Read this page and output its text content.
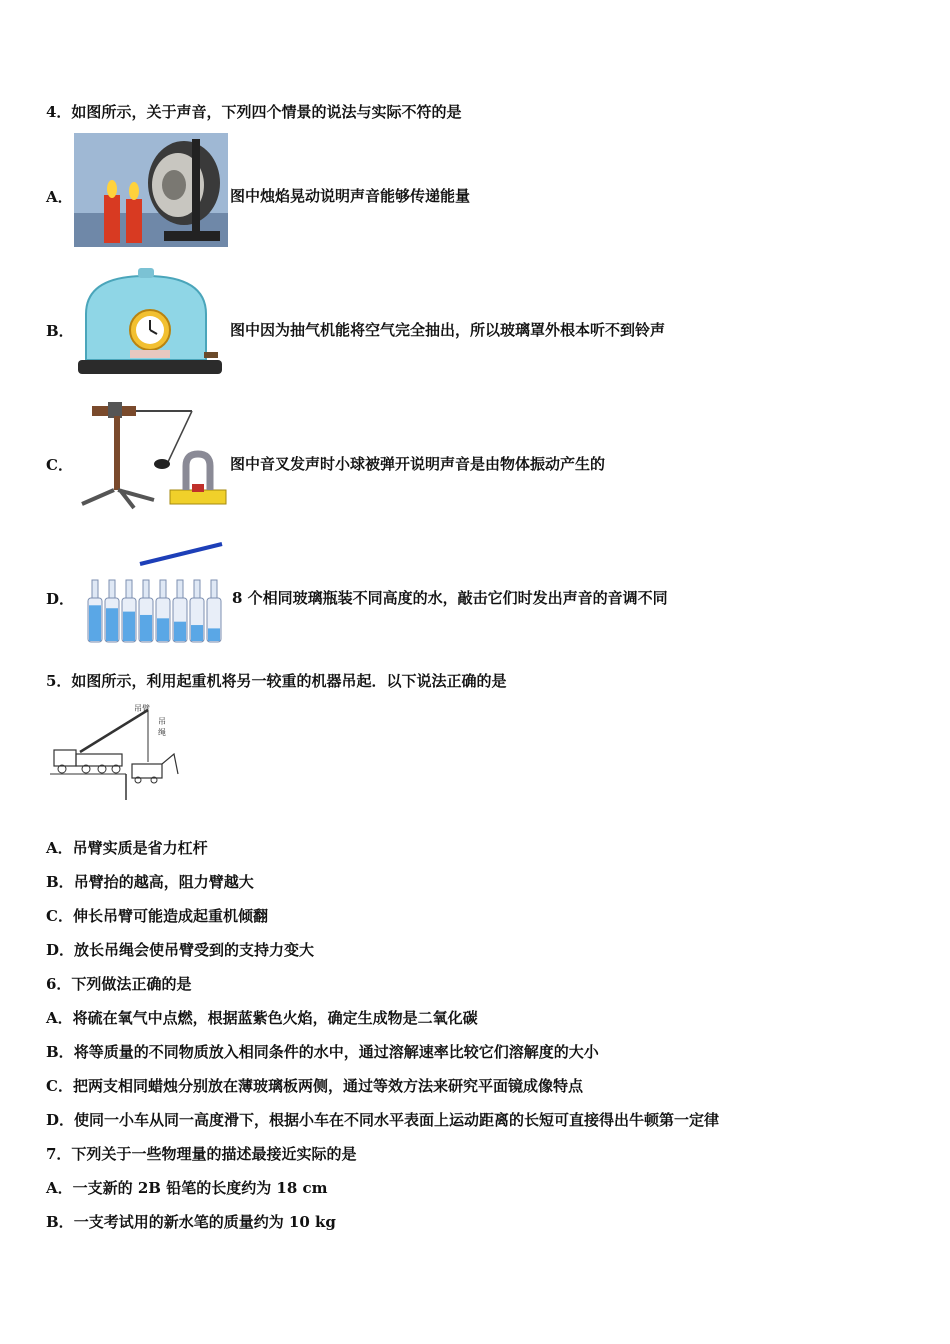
4．如图所示，关于声音，下列四个情景的说法与实际不符的是
A．	图中烛焰晃动说明声音能够传递能量
B．	图中因为抽气机能将空气完全抽出，所以玻璃罩外根本听不到铃声
C．	图中音叉发声时小球被弹开说明声音是由物体振动产生的
D．	8 个相同玻璃瓶装不同高度的水，敲击它们时发出声音的音调不同
5．如图所示，利用起重机将另一较重的机器吊起．以下说法正确的是
吊臂
吊
绳
A．吊臂实质是省力杠杆
B．吊臂抬的越高，阻力臂越大
C．伸长吊臂可能造成起重机倾翻
D．放长吊绳会使吊臂受到的支持力变大
6．下列做法正确的是
A．将硫在氧气中点燃，根据蓝紫色火焰，确定生成物是二氧化碳
B．将等质量的不同物质放入相同条件的水中，通过溶解速率比较它们溶解度的大小
C．把两支相同蜡烛分别放在薄玻璃板两侧，通过等效方法来研究平面镜成像特点
D．使同一小车从同一高度滑下，根据小车在不同水平表面上运动距离的长短可直接得出牛顿第一定律
7．下列关于一些物理量的描述最接近实际的是
A．一支新的 2B 铅笔的长度约为 18 cm
B．一支考试用的新水笔的质量约为 10 kg
